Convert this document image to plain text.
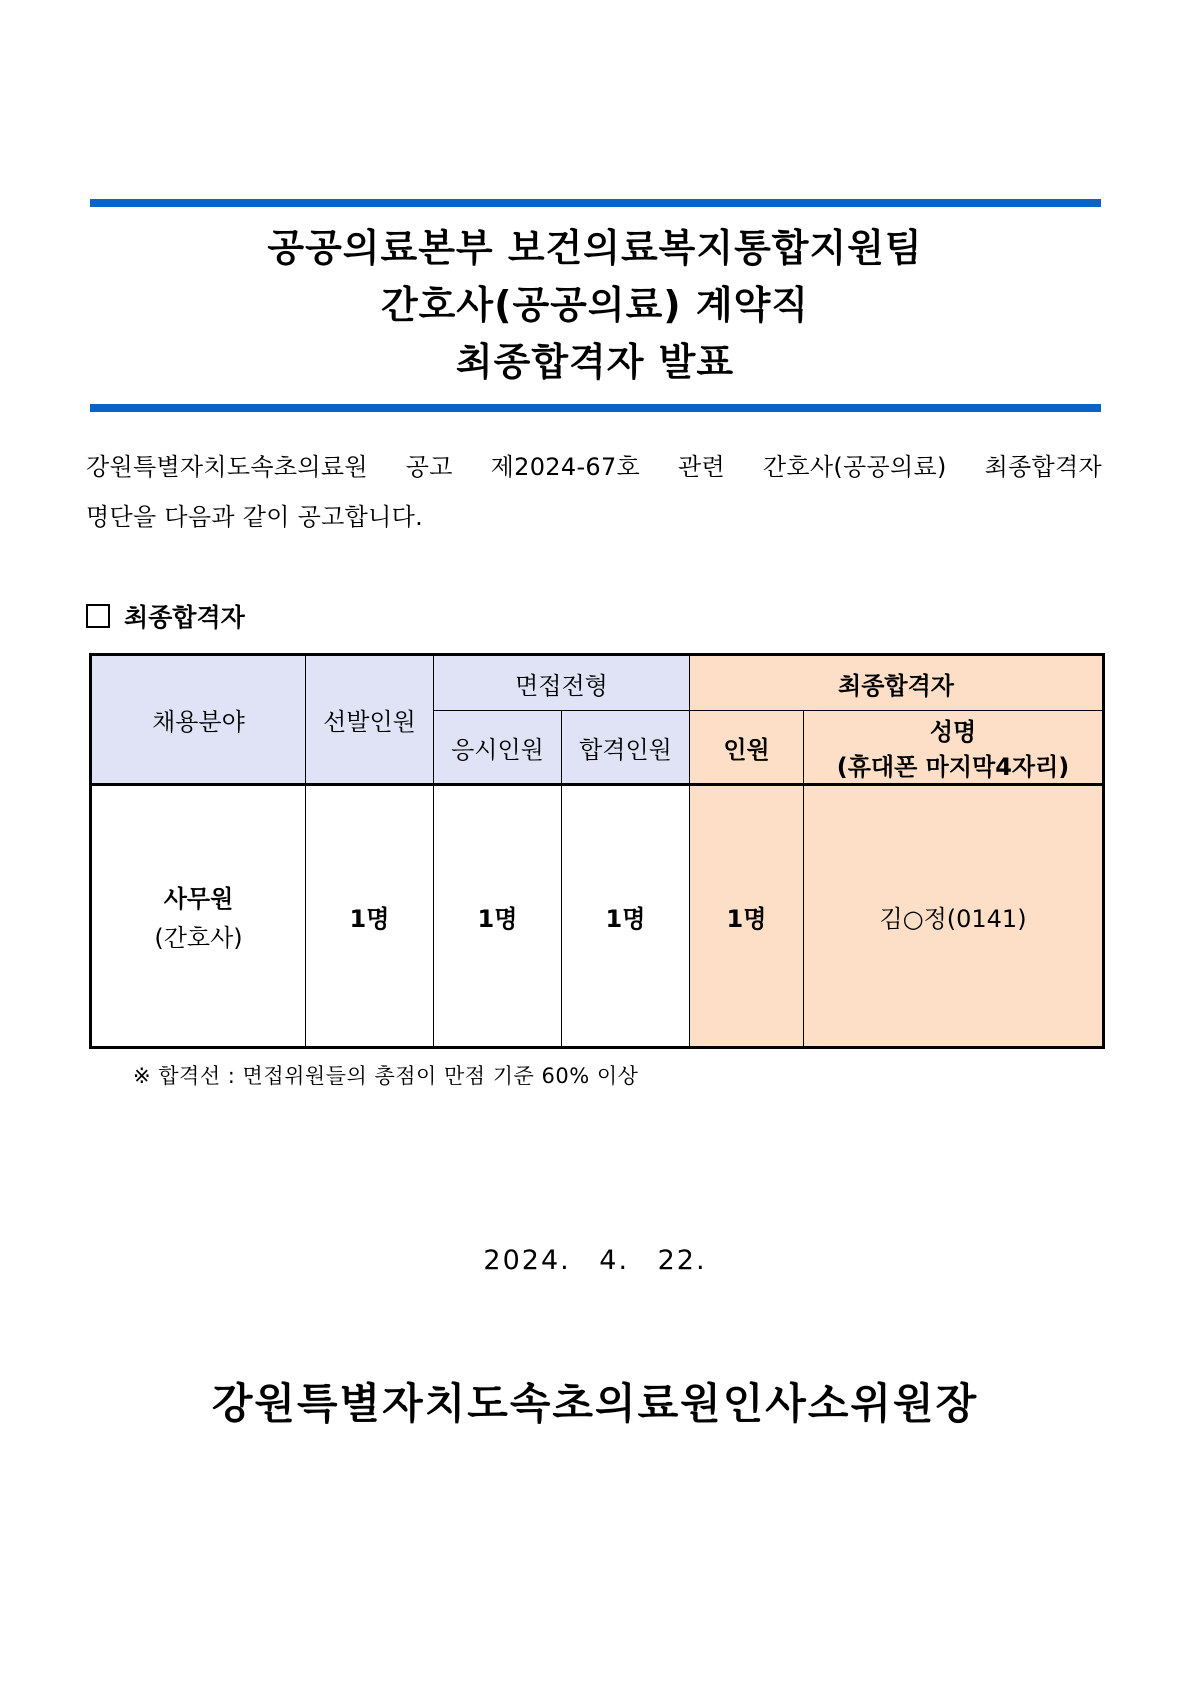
공공의료본부 보건의료복지통합지원팀
간호사(공공의료) 계약직
최종합격자 발표
강원특별자치도속초의료원 공고 제2024-67호 관련 간호사(공공의료) 최종합격자
명단을 다음과 같이 공고합니다.
최종합격자
채용분야	선발인원	면접전형		최종합격자	
		응시인원	합격인원	인원	성명
(휴대폰 마지막4자리)

사무원
(간호사)	1명	1명	1명	1명	김○정(0141)
※ 합격선 : 면접위원들의 총점이 만점 기준 60% 이상
2024. 4. 22.
강원특별자치도속초의료원인사소위원장
